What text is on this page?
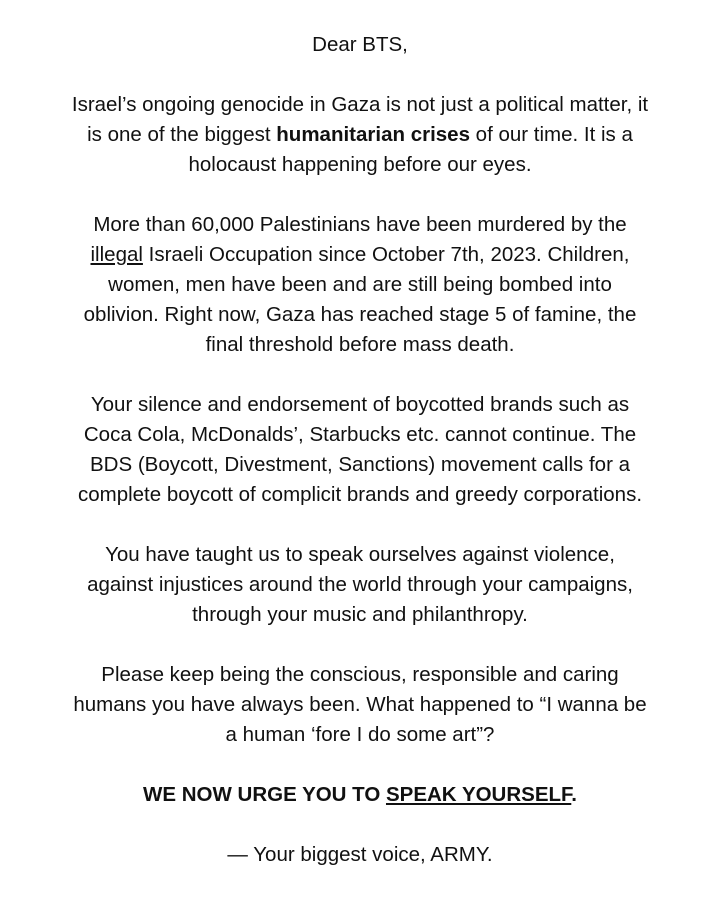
Dear BTS,

Israel’s ongoing genocide in Gaza is not just a political matter, it
is one of the biggest humanitarian crises of our time. It is a
holocaust happening before our eyes.

More than 60,000 Palestinians have been murdered by the
illegal Israeli Occupation since October 7th, 2023. Children,
women, men have been and are still being bombed into
oblivion. Right now, Gaza has reached stage 5 of famine, the
final threshold before mass death.

Your silence and endorsement of boycotted brands such as
Coca Cola, McDonalds’, Starbucks etc. cannot continue. The
BDS (Boycott, Divestment, Sanctions) movement calls for a
complete boycott of complicit brands and greedy corporations.

You have taught us to speak ourselves against violence,
against injustices around the world through your campaigns,
through your music and philanthropy.

Please keep being the conscious, responsible and caring
humans you have always been. What happened to “I wanna be
a human ‘fore I do some art”?

WE NOW URGE YOU TO SPEAK YOURSELF.

— Your biggest voice, ARMY.
